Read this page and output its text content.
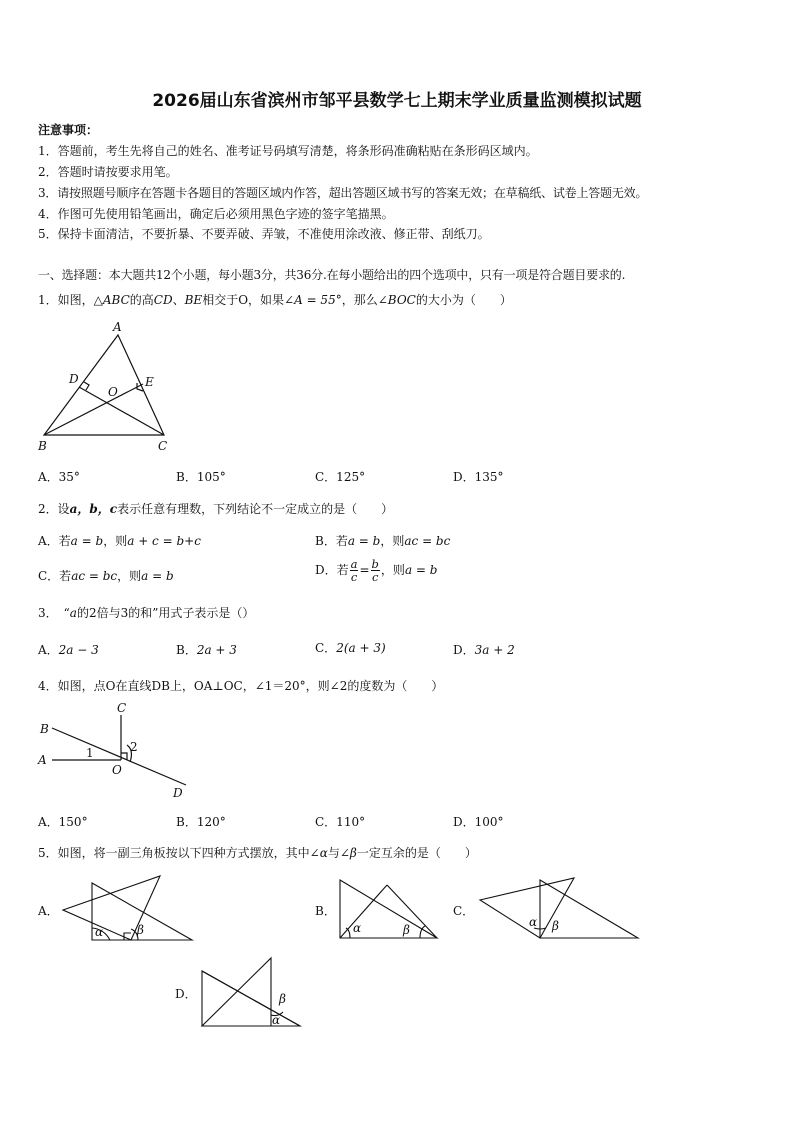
2026届山东省滨州市邹平县数学七上期末学业质量监测模拟试题
注意事项：
1．答题前，考生先将自己的姓名、准考证号码填写清楚，将条形码准确粘贴在条形码区域内。
2．答题时请按要求用笔。
3．请按照题号顺序在答题卡各题目的答题区域内作答，超出答题区域书写的答案无效；在草稿纸、试卷上答题无效。
4．作图可先使用铅笔画出，确定后必须用黑色字迹的签字笔描黑。
5．保持卡面清洁，不要折暴、不要弄破、弄皱，不准使用涂改液、修正带、刮纸刀。
一、选择题：本大题共12个小题，每小题3分，共36分.在每小题给出的四个选项中，只有一项是符合题目要求的.
1．如图，△ABC的高CD、BE相交于O，如果∠A = 55°，那么∠BOC的大小为（　　）
A
B	C
D	E
O
A．35°	B．105°	C．125°	D．135°
2．设a，b，c表示任意有理数，下列结论不一定成立的是（　　）
A．若a = b，则a + c = b+c	B．若a = b，则ac = bc
C．若ac = bc，则a = b	D．若 $\frac{a}{c} = \frac{b}{c}$ ，则a = b
3．　“a的2倍与3的和”用式子表示是（）
A．2a − 3	B．2a + 3	C．2(a + 3)	D．3a + 2
4．如图，点O在直线DB上，OA⊥OC，∠1＝20°，则∠2的度数为（　　）
B
A
C
O
D
1	2
A．150°	B．120°	C．110°	D．100°
5．如图，将一副三角板按以下四种方式摆放，其中∠α与∠β一定互余的是（　　）
A．	B．	C．
D．
α	β	α	β
α β
α
β
